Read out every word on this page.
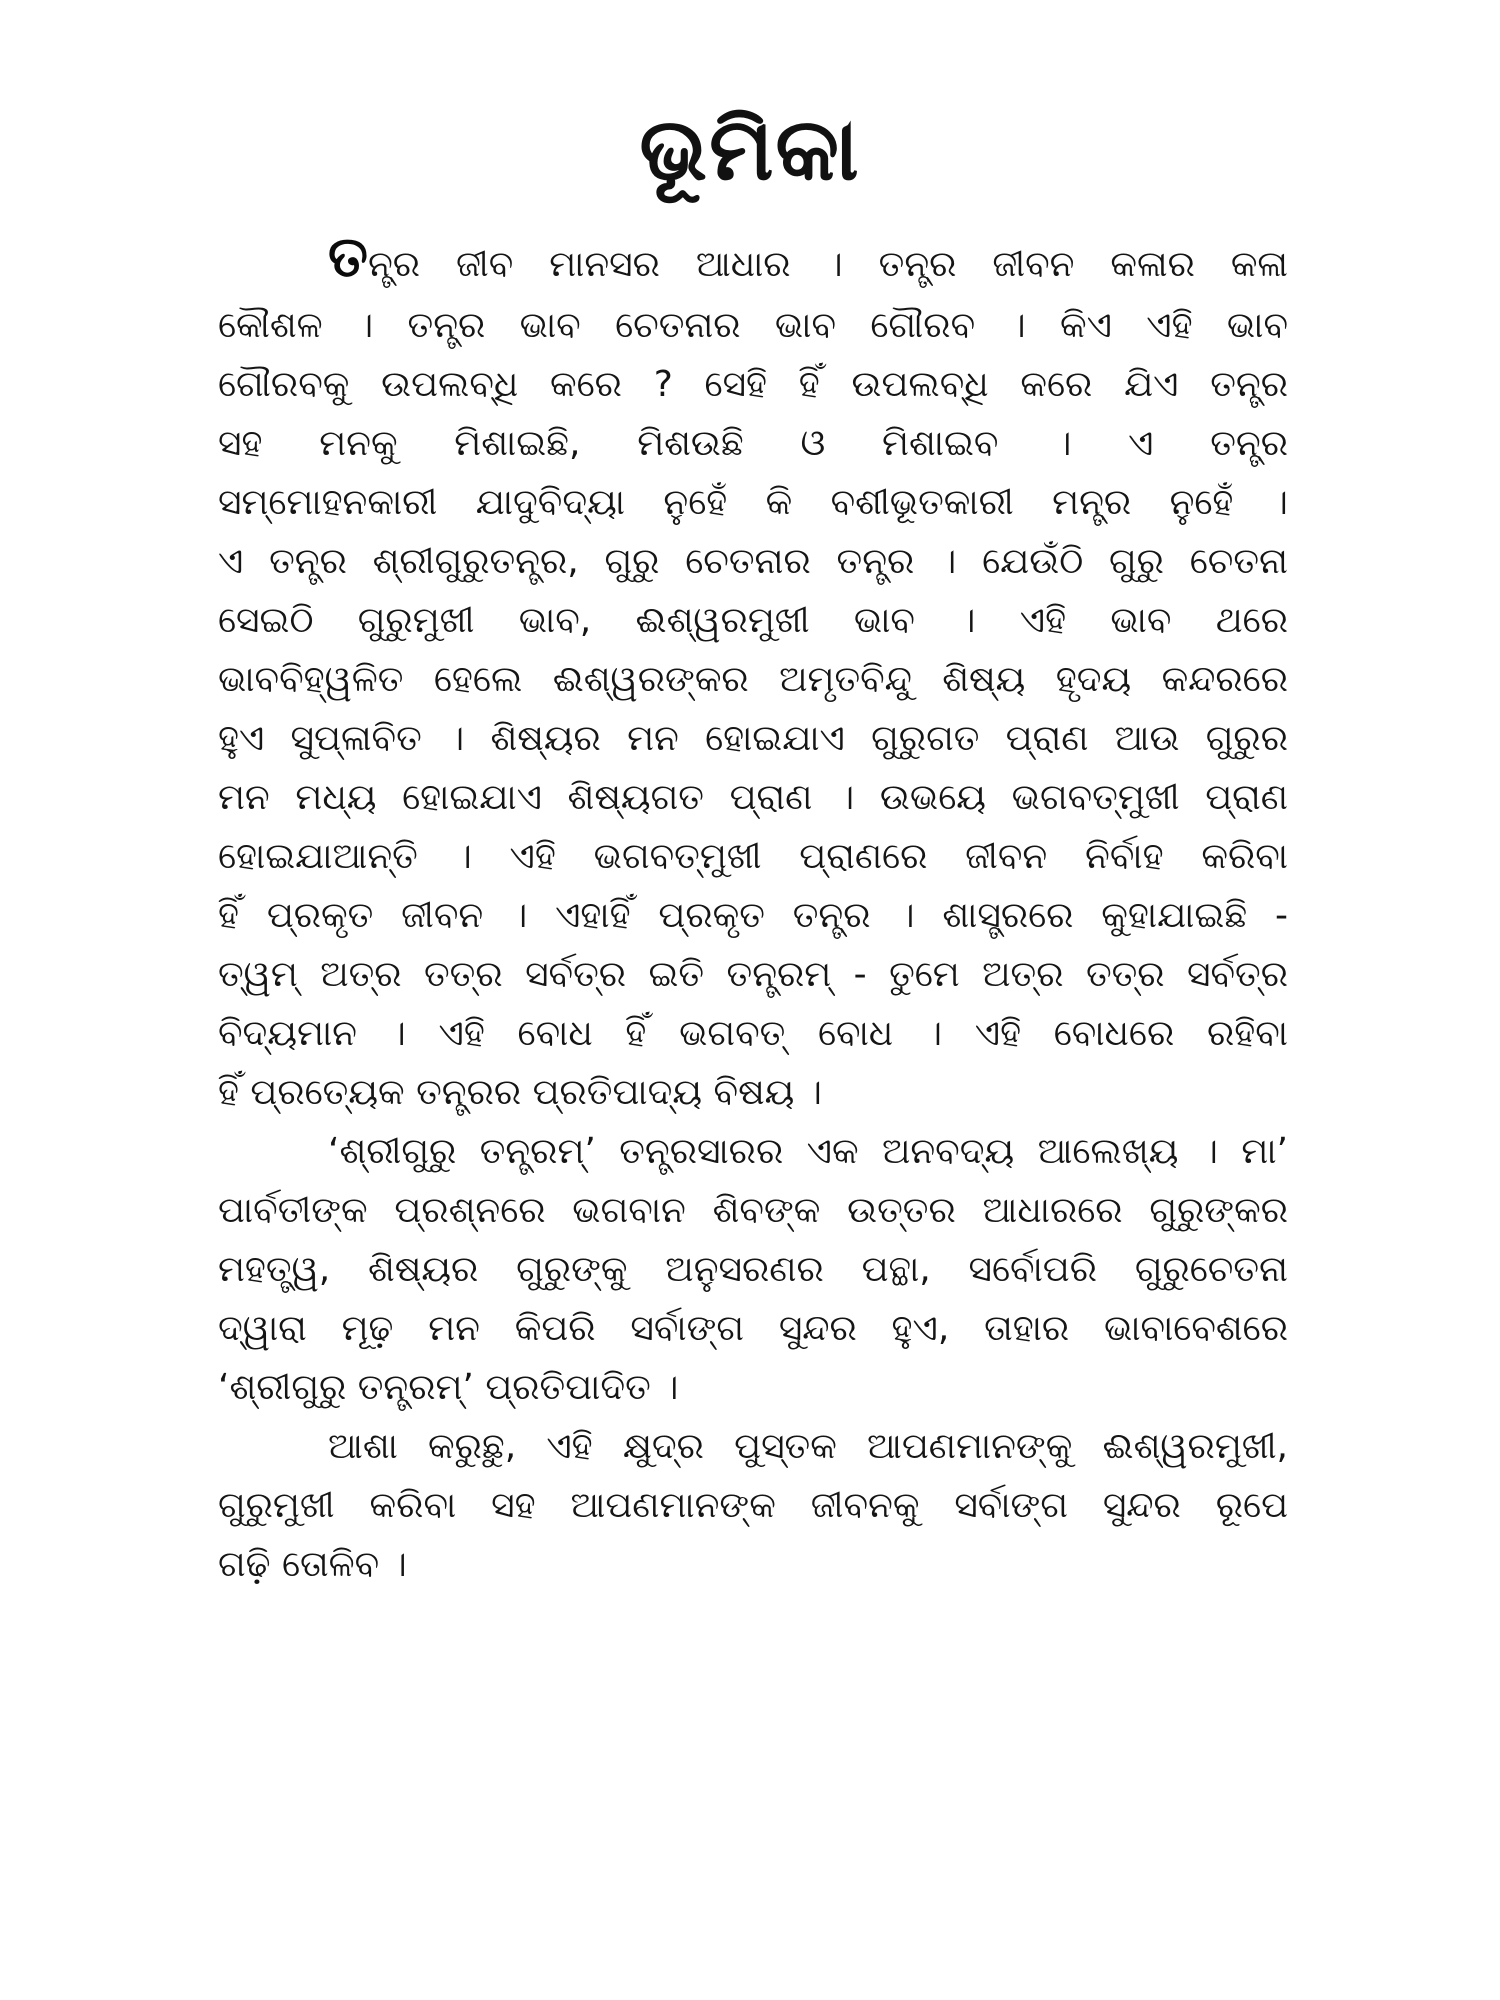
ଭୂମିକା
ତ ନ୍ତ୍ର ଜୀବ ମାନସର ଆଧାର । ତନ୍ତ୍ର ଜୀବନ କଳାର କଳା
କୌଶଳ । ତନ୍ତ୍ର ଭାବ ଚେତନାର ଭାବ ଗୌରବ । କିଏ ଏହି ଭାବ
ଗୌରବକୁ ଉପଲବ୍ଧି କରେ ? ସେହି ହିଁ ଉପଲବ୍ଧି କରେ ଯିଏ ତନ୍ତ୍ର
ସହ ମନକୁ ମିଶାଇଛି, ମିଶଉଛି ଓ ମିଶାଇବ । ଏ ତନ୍ତ୍ର
ସମ୍ମୋହନକାରୀ ଯାଦୁବିଦ୍ୟା ନୁହେଁ କି ବଶୀଭୂତକାରୀ ମନ୍ତ୍ର ନୁହେଁ ।
ଏ ତନ୍ତ୍ର ଶ୍ରୀଗୁରୁତନ୍ତ୍ର, ଗୁରୁ ଚେତନାର ତନ୍ତ୍ର । ଯେଉଁଠି ଗୁରୁ ଚେତନା
ସେଇଠି ଗୁରୁମୁଖୀ ଭାବ, ଈଶ୍ୱରମୁଖୀ ଭାବ । ଏହି ଭାବ ଥରେ
ଭାବବିହ୍ୱଳିତ ହେଲେ ଈଶ୍ୱରଙ୍କର ଅମୃତବିନ୍ଦୁ ଶିଷ୍ୟ ହୃଦୟ କନ୍ଦରରେ
ହୁଏ ସୁପ୍ଳାବିତ । ଶିଷ୍ୟର ମନ ହୋଇଯାଏ ଗୁରୁଗତ ପ୍ରାଣ ଆଉ ଗୁରୁର
ମନ ମଧ୍ୟ ହୋଇଯାଏ ଶିଷ୍ୟଗତ ପ୍ରାଣ । ଉଭୟେ ଭଗବତ୍‌ମୁଖୀ ପ୍ରାଣ
ହୋଇଯାଆନ୍ତି । ଏହି ଭଗବତ୍‌ମୁଖୀ ପ୍ରାଣରେ ଜୀବନ ନିର୍ବାହ କରିବା
ହିଁ ପ୍ରକୃତ ଜୀବନ । ଏହାହିଁ ପ୍ରକୃତ ତନ୍ତ୍ର । ଶାସ୍ତ୍ରରେ କୁହାଯାଇଛି -
ତ୍ୱମ୍ ଅତ୍ର ତତ୍ର ସର୍ବତ୍ର ଇତି ତନ୍ତ୍ରମ୍ - ତୁମେ ଅତ୍ର ତତ୍ର ସର୍ବତ୍ର
ବିଦ୍ୟମାନ । ଏହି ବୋଧ ହିଁ ଭଗବତ୍ ବୋଧ । ଏହି ବୋଧରେ ରହିବା
ହିଁ ପ୍ରତ୍ୟେକ ତନ୍ତ୍ରର ପ୍ରତିପାଦ୍ୟ ବିଷୟ ।
‘ଶ୍ରୀଗୁରୁ ତନ୍ତ୍ରମ୍’ ତନ୍ତ୍ରସାରର ଏକ ଅନବଦ୍ୟ ଆଲେଖ୍ୟ । ମା’
ପାର୍ବତୀଙ୍କ ପ୍ରଶ୍ନରେ ଭଗବାନ ଶିବଙ୍କ ଉତ୍ତର ଆଧାରରେ ଗୁରୁଙ୍କର
ମହତ୍ତ୍ୱ, ଶିଷ୍ୟର ଗୁରୁଙ୍କୁ ଅନୁସରଣର ପନ୍ଥା, ସର୍ବୋପରି ଗୁରୁଚେତନା
ଦ୍ୱାରା ମୂଢ଼ ମନ କିପରି ସର୍ବାଙ୍ଗ ସୁନ୍ଦର ହୁଏ, ତାହାର ଭାବାବେଶରେ
‘ଶ୍ରୀଗୁରୁ ତନ୍ତ୍ରମ୍’ ପ୍ରତିପାଦିତ ।
ଆଶା କରୁଛୁ, ଏହି କ୍ଷୁଦ୍ର ପୁସ୍ତକ ଆପଣମାନଙ୍କୁ ଈଶ୍ୱରମୁଖୀ,
ଗୁରୁମୁଖୀ କରିବା ସହ ଆପଣମାନଙ୍କ ଜୀବନକୁ ସର୍ବାଙ୍ଗ ସୁନ୍ଦର ରୂପେ
ଗଢ଼ି ତୋଳିବ ।
